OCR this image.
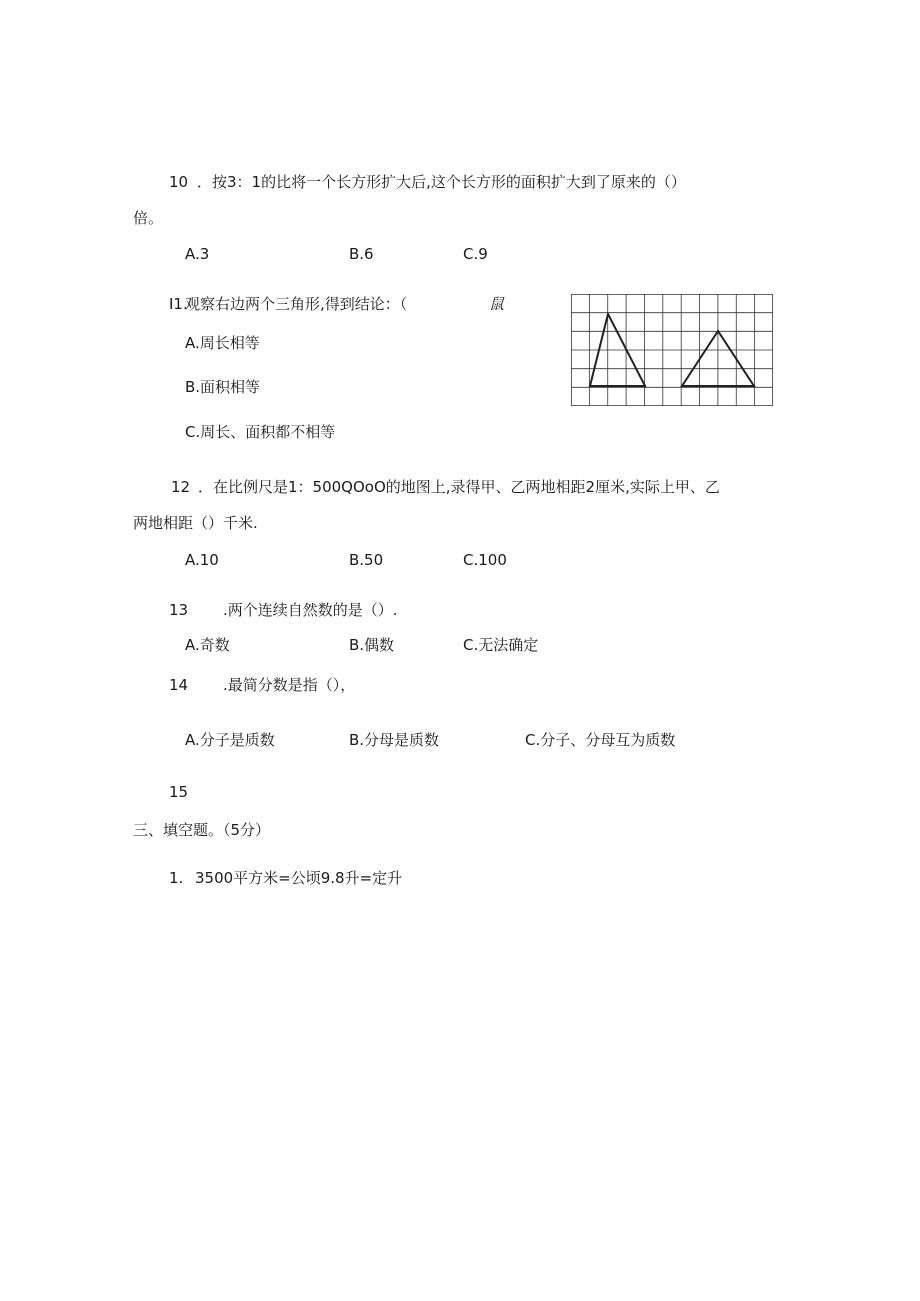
10 ．按3：1的比将一个长方形扩大后,这个长方形的面积扩大到了原来的（）
倍。
A.3	B.6	C.9
I1.
观察右边两个三角形,得到结论：（	鼠
A.周长相等
B.面积相等
C.周长、面积都不相等
12 ．在比例尺是1：500QOoO的地图上,录得甲、乙两地相距2厘米,实际上甲、乙
两地相距（）千米.
A.10	B.50	C.100
13 .两个连续自然数的是（）.
A.奇数	B.偶数	C.无法确定
14 .最简分数是指（），
A.分子是质数	B.分母是质数	C.分子、分母互为质数
15
三、填空题。（5分）
1. 3500平方米=公顷9.8升=定升
